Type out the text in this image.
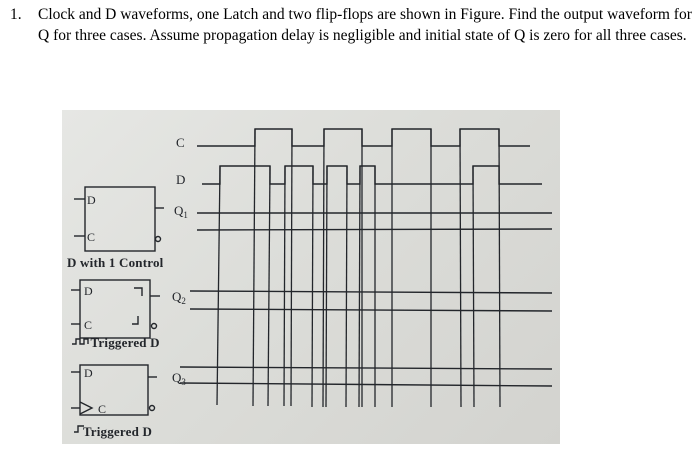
1. Clock and D waveforms, one Latch and two flip-flops are shown in Figure. Find the output waveform for Q for three cases. Assume propagation delay is negligible and initial state of Q is zero for all three cases.
C
D
D
C
$Q_1$
D with 1 Control
D
C
$Q_2$
Triggered D
D
C
$Q_3$
Triggered D
